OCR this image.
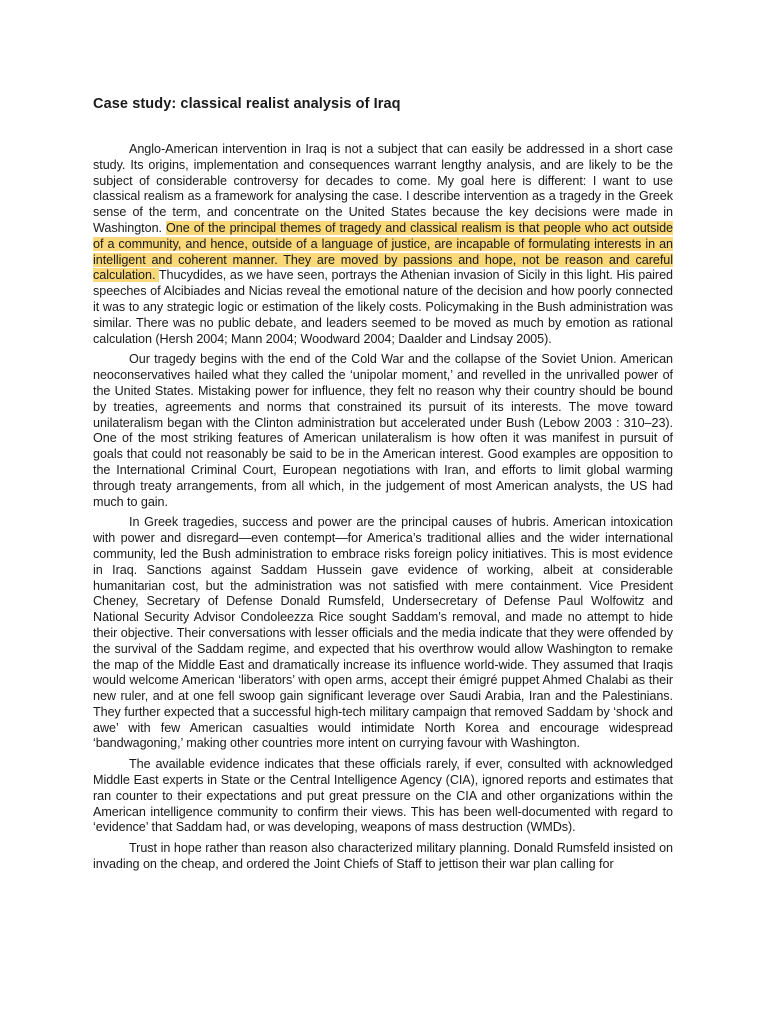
Case study: classical realist analysis of Iraq

Anglo-American intervention in Iraq is not a subject that can easily be addressed in a short case study. Its origins, implementation and consequences warrant lengthy analysis, and are likely to be the subject of considerable controversy for decades to come. My goal here is different: I want to use classical realism as a framework for analysing the case. I describe intervention as a tragedy in the Greek sense of the term, and concentrate on the United States because the key decisions were made in Washington. One of the principal themes of tragedy and classical realism is that people who act outside of a community, and hence, outside of a language of justice, are incapable of formulating interests in an intelligent and coherent manner. They are moved by passions and hope, not be reason and careful calculation. Thucydides, as we have seen, portrays the Athenian invasion of Sicily in this light. His paired speeches of Alcibiades and Nicias reveal the emotional nature of the decision and how poorly connected it was to any strategic logic or estimation of the likely costs. Policymaking in the Bush administration was similar. There was no public debate, and leaders seemed to be moved as much by emotion as rational calculation (Hersh 2004; Mann 2004; Woodward 2004; Daalder and Lindsay 2005).

Our tragedy begins with the end of the Cold War and the collapse of the Soviet Union. American neoconservatives hailed what they called the ‘unipolar moment,’ and revelled in the unrivalled power of the United States. Mistaking power for influence, they felt no reason why their country should be bound by treaties, agreements and norms that constrained its pursuit of its interests. The move toward unilateralism began with the Clinton administration but accelerated under Bush (Lebow 2003 : 310–23). One of the most striking features of American unilateralism is how often it was manifest in pursuit of goals that could not reasonably be said to be in the American interest. Good examples are opposition to the International Criminal Court, European negotiations with Iran, and efforts to limit global warming through treaty arrangements, from all which, in the judgement of most American analysts, the US had much to gain.

In Greek tragedies, success and power are the principal causes of hubris. American intoxication with power and disregard—even contempt—for America’s traditional allies and the wider international community, led the Bush administration to embrace risks foreign policy initiatives. This is most evidence in Iraq. Sanctions against Saddam Hussein gave evidence of working, albeit at considerable humanitarian cost, but the administration was not satisfied with mere containment. Vice President Cheney, Secretary of Defense Donald Rumsfeld, Undersecretary of Defense Paul Wolfowitz and National Security Advisor Condoleezza Rice sought Saddam’s removal, and made no attempt to hide their objective. Their conversations with lesser officials and the media indicate that they were offended by the survival of the Saddam regime, and expected that his overthrow would allow Washington to remake the map of the Middle East and dramatically increase its influence world-wide. They assumed that Iraqis would welcome American ‘liberators’ with open arms, accept their émigré puppet Ahmed Chalabi as their new ruler, and at one fell swoop gain significant leverage over Saudi Arabia, Iran and the Palestinians. They further expected that a successful high-tech military campaign that removed Saddam by ‘shock and awe’ with few American casualties would intimidate North Korea and encourage widespread ‘bandwagoning,’ making other countries more intent on currying favour with Washington.

The available evidence indicates that these officials rarely, if ever, consulted with acknowledged Middle East experts in State or the Central Intelligence Agency (CIA), ignored reports and estimates that ran counter to their expectations and put great pressure on the CIA and other organizations within the American intelligence community to confirm their views. This has been well-documented with regard to ‘evidence’ that Saddam had, or was developing, weapons of mass destruction (WMDs).

Trust in hope rather than reason also characterized military planning. Donald Rumsfeld insisted on invading on the cheap, and ordered the Joint Chiefs of Staff to jettison their war plan calling for
